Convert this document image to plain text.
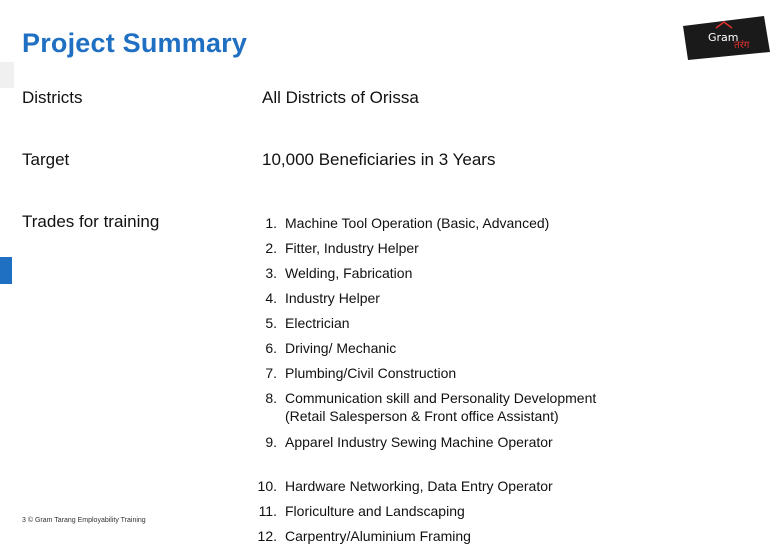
Project Summary	Gram
तरंग
Districts	All Districts of Orissa
Target	10,000 Beneficiaries in 3 Years
Trades for training	1. Machine Tool Operation (Basic, Advanced)
2. Fitter, Industry Helper
3. Welding, Fabrication
4. Industry Helper
5. Electrician
6. Driving/ Mechanic
7. Plumbing/Civil Construction
8. Communication skill and Personality Development
(Retail Salesperson & Front office Assistant)
9. Apparel Industry Sewing Machine Operator
10. Hardware Networking, Data Entry Operator
11. Floriculture and Landscaping
12. Carpentry/Aluminium Framing
3 © Gram Tarang Employability Training
